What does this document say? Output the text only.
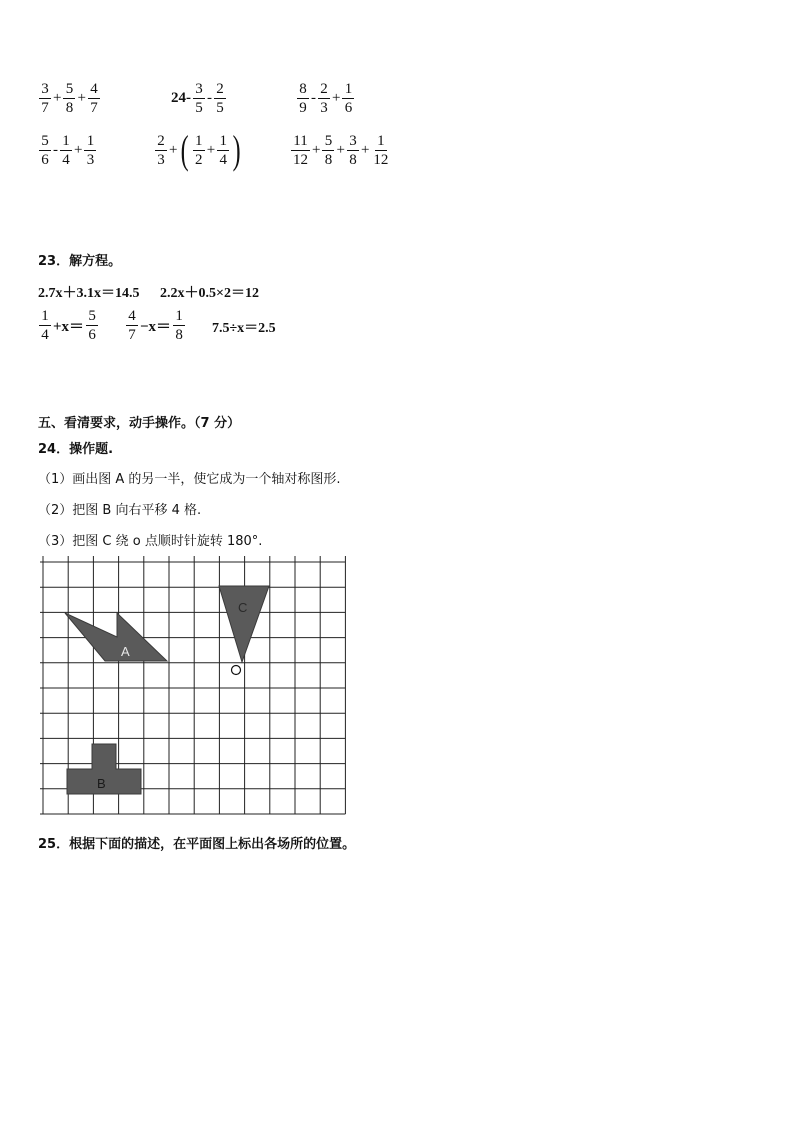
$\frac{3}{7} + \frac{5}{8} + \frac{4}{7}$	$24- \frac{3}{5} - \frac{2}{5}$	$\frac{8}{9} - \frac{2}{3} + \frac{1}{6}$
$\frac{5}{6} - \frac{1}{4} + \frac{1}{3}$	$\frac{2}{3}$ + ( $\frac{1}{2} + \frac{1}{4}$ )	$\frac{11}{12} + \frac{5}{8} + \frac{3}{8} + \frac{1}{12}$
23．解方程。
2.7x＋3.1x＝14.5 2.2x＋0.5×2＝12
$\frac{1}{4} +x= \frac{5}{6} \frac{4}{7} -x= \frac{1}{8} 7.5\div x=2.5$
五、看清要求，动手操作。（7 分）
24．操作题.
（1）画出图 A 的另一半，使它成为一个轴对称图形.
（2）把图 B 向右平移 4 格.
（3）把图 C 绕 o 点顺时针旋转 180°.
A
C
B
25．根据下面的描述，在平面图上标出各场所的位置。
